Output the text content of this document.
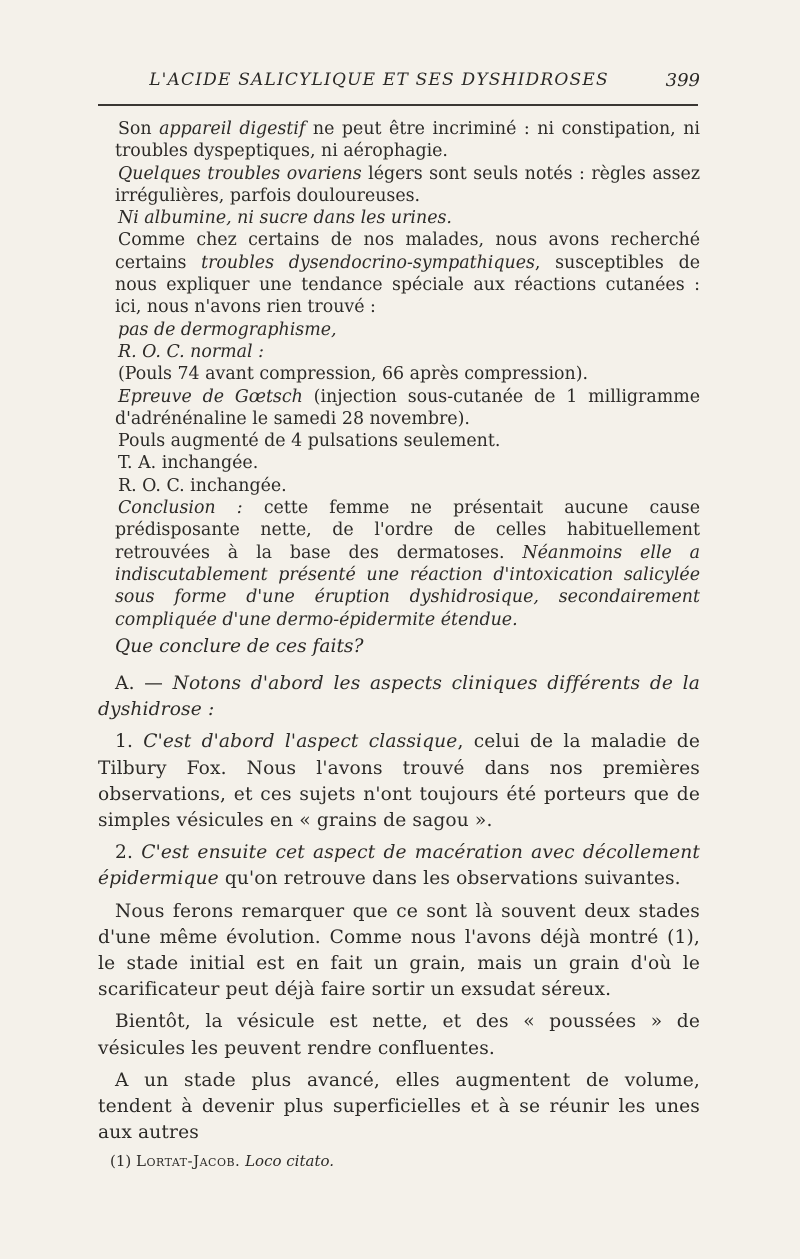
L'ACIDE SALICYLIQUE ET SES DYSHIDROSES	399

Son appareil digestif ne peut être incriminé : ni constipation, ni troubles dyspeptiques, ni aérophagie.

Quelques troubles ovariens légers sont seuls notés : règles assez irrégulières, parfois douloureuses.

Ni albumine, ni sucre dans les urines.

Comme chez certains de nos malades, nous avons recherché certains troubles dysendocrino-sympathiques, susceptibles de nous expliquer une tendance spéciale aux réactions cutanées : ici, nous n'avons rien trouvé :

pas de dermographisme,

R. O. C. normal :

(Pouls 74 avant compression, 66 après compression).

Epreuve de Gœtsch (injection sous-cutanée de 1 milligramme d'adrénénaline le samedi 28 novembre).

Pouls augmenté de 4 pulsations seulement.

T. A. inchangée.

R. O. C. inchangée.

Conclusion : cette femme ne présentait aucune cause prédisposante nette, de l'ordre de celles habituellement retrouvées à la base des dermatoses. Néanmoins elle a indiscutablement présenté une réaction d'intoxication salicylée sous forme d'une éruption dyshidrosique, secondairement compliquée d'une dermo-épidermite étendue.

Que conclure de ces faits?

A. — Notons d'abord les aspects cliniques différents de la dyshidrose :

1. C'est d'abord l'aspect classique, celui de la maladie de Tilbury Fox. Nous l'avons trouvé dans nos premières observations, et ces sujets n'ont toujours été porteurs que de simples vésicules en « grains de sagou ».

2. C'est ensuite cet aspect de macération avec décollement épidermique qu'on retrouve dans les observations suivantes.

Nous ferons remarquer que ce sont là souvent deux stades d'une même évolution. Comme nous l'avons déjà montré (1), le stade initial est en fait un grain, mais un grain d'où le scarificateur peut déjà faire sortir un exsudat séreux.

Bientôt, la vésicule est nette, et des « poussées » de vésicules les peuvent rendre confluentes.

A un stade plus avancé, elles augmentent de volume, tendent à devenir plus superficielles et à se réunir les unes aux autres

(1) Lortat-Jacob. Loco citato.
